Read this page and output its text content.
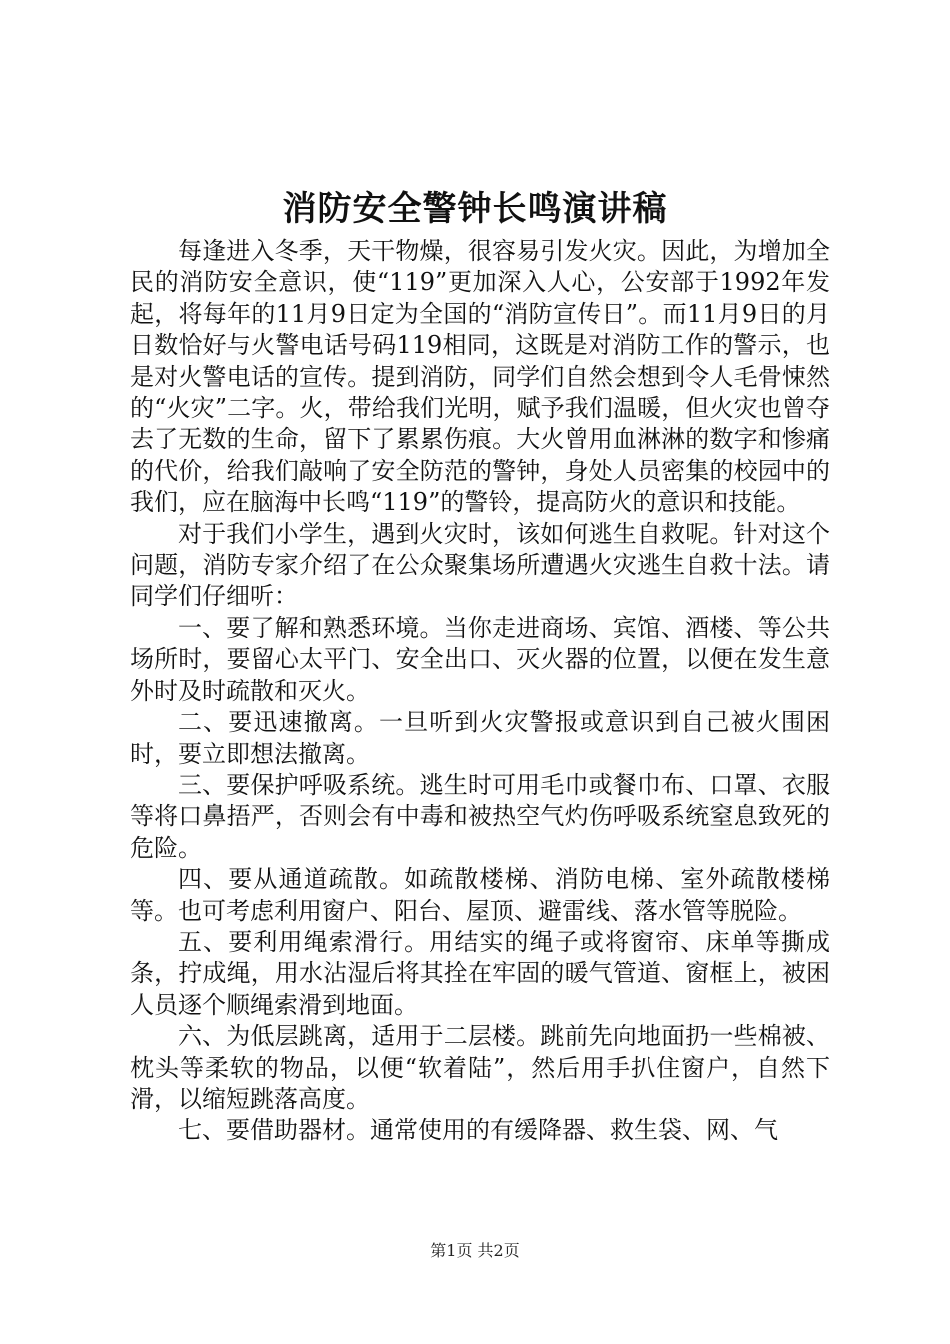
消防安全警钟长鸣演讲稿

每逢进入冬季，天干物燥，很容易引发火灾。因此，为增加全民的消防安全意识，使“119”更加深入人心，公安部于1992年发起，将每年的11月9日定为全国的“消防宣传日”。而11月9日的月日数恰好与火警电话号码119相同，这既是对消防工作的警示，也是对火警电话的宣传。提到消防，同学们自然会想到令人毛骨悚然的“火灾”二字。火，带给我们光明，赋予我们温暖，但火灾也曾夺去了无数的生命，留下了累累伤痕。大火曾用血淋淋的数字和惨痛的代价，给我们敲响了安全防范的警钟，身处人员密集的校园中的我们，应在脑海中长鸣“119”的警铃，提高防火的意识和技能。

对于我们小学生，遇到火灾时，该如何逃生自救呢。针对这个问题，消防专家介绍了在公众聚集场所遭遇火灾逃生自救十法。请同学们仔细听：

一、要了解和熟悉环境。当你走进商场、宾馆、酒楼、等公共场所时，要留心太平门、安全出口、灭火器的位置，以便在发生意外时及时疏散和灭火。

二、要迅速撤离。一旦听到火灾警报或意识到自己被火围困时，要立即想法撤离。

三、要保护呼吸系统。逃生时可用毛巾或餐巾布、口罩、衣服等将口鼻捂严，否则会有中毒和被热空气灼伤呼吸系统窒息致死的危险。

四、要从通道疏散。如疏散楼梯、消防电梯、室外疏散楼梯等。也可考虑利用窗户、阳台、屋顶、避雷线、落水管等脱险。

五、要利用绳索滑行。用结实的绳子或将窗帘、床单等撕成条，拧成绳，用水沾湿后将其拴在牢固的暖气管道、窗框上，被困人员逐个顺绳索滑到地面。

六、为低层跳离，适用于二层楼。跳前先向地面扔一些棉被、枕头等柔软的物品，以便“软着陆”，然后用手扒住窗户，自然下滑，以缩短跳落高度。

七、要借助器材。通常使用的有缓降器、救生袋、网、气

第1页 共2页
